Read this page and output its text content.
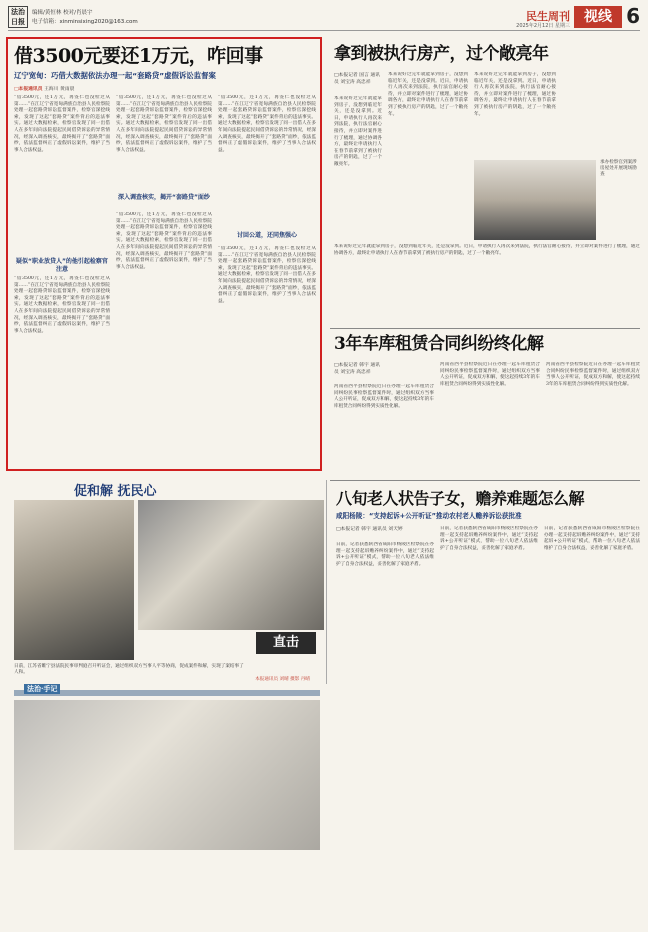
法治日报
编辑/黄恒林 校对/肖晨宇
电子信箱：xinminsixing2020@163.com	民生周刊
2025年2月12日 星期三
视线 6
借3500元要还1万元，咋回事
辽宁宽甸：巧借大数据依法办理一起“套路贷”虚假诉讼监督案
□本报通讯员 王海川 黄雨晨
“借3500元，还1万元，再签仁也没检过从第……”在江辽宁省宽甸满族自治县人民检察院处理一起套路贷诉讼监督案件，检察官深挖线索，发现了这起“套路贷”案件背后的违法事实。通过大数据检索，检察官发现了同一出借人在多年间向法院提起民间借贷诉讼的异常情况，经深入调查核实，最终揭开了“套路贷”面纱，依法监督纠正了虚假诉讼案件，维护了当事人合法权益。
疑似“职业放贷人”的他引起检察官注意
“借3500元，还1万元，再签仁也没检过从第……”在江辽宁省宽甸满族自治县人民检察院处理一起套路贷诉讼监督案件，检察官深挖线索，发现了这起“套路贷”案件背后的违法事实。通过大数据检索，检察官发现了同一出借人在多年间向法院提起民间借贷诉讼的异常情况，经深入调查核实，最终揭开了“套路贷”面纱，依法监督纠正了虚假诉讼案件，维护了当事人合法权益。
“借3500元，还1万元，再签仁也没检过从第……”在江辽宁省宽甸满族自治县人民检察院处理一起套路贷诉讼监督案件，检察官深挖线索，发现了这起“套路贷”案件背后的违法事实。通过大数据检索，检察官发现了同一出借人在多年间向法院提起民间借贷诉讼的异常情况，经深入调查核实，最终揭开了“套路贷”面纱，依法监督纠正了虚假诉讼案件，维护了当事人合法权益。
深入调查核实，揭开“套路贷”面纱
“借3500元，还1万元，再签仁也没检过从第……”在江辽宁省宽甸满族自治县人民检察院处理一起套路贷诉讼监督案件，检察官深挖线索，发现了这起“套路贷”案件背后的违法事实。通过大数据检索，检察官发现了同一出借人在多年间向法院提起民间借贷诉讼的异常情况，经深入调查核实，最终揭开了“套路贷”面纱，依法监督纠正了虚假诉讼案件，维护了当事人合法权益。
“借3500元，还1万元，再签仁也没检过从第……”在江辽宁省宽甸满族自治县人民检察院处理一起套路贷诉讼监督案件，检察官深挖线索，发现了这起“套路贷”案件背后的违法事实。通过大数据检索，检察官发现了同一出借人在多年间向法院提起民间借贷诉讼的异常情况，经深入调查核实，最终揭开了“套路贷”面纱，依法监督纠正了虚假诉讼案件，维护了当事人合法权益。
讨回公道，还同焦强心
“借3500元，还1万元，再签仁也没检过从第……”在江辽宁省宽甸满族自治县人民检察院处理一起套路贷诉讼监督案件，检察官深挖线索，发现了这起“套路贷”案件背后的违法事实。通过大数据检索，检察官发现了同一出借人在多年间向法院提起民间借贷诉讼的异常情况，经深入调查核实，最终揭开了“套路贷”面纱，依法监督纠正了虚假诉讼案件，维护了当事人合法权益。
拿到被执行房产，过个敞亮年
□本报记者 国言 通讯员 刘宝涛 高忠祥
本来说好过完年就能拿到房子，没想到临近年关，还是没拿到。近日，申请执行人再次来到法院，执行法官耐心接待，并立即对案件进行了梳理，通过协调各方，最终让申请执行人在春节前拿到了被执行房产的钥匙，过了一个敞亮年。
本来说好过完年就能拿到房子，没想到临近年关，还是没拿到。近日，申请执行人再次来到法院，执行法官耐心接待，并立即对案件进行了梳理，通过协调各方，最终让申请执行人在春节前拿到了被执行房产的钥匙，过了一个敞亮年。
本来说好过完年就能拿到房子，没想到临近年关，还是没拿到。近日，申请执行人再次来到法院，执行法官耐心接待，并立即对案件进行了梳理，通过协调各方，最终让申请执行人在春节前拿到了被执行房产的钥匙，过了一个敞亮年。
承办检察官到案涉房屋处开展现场勘查
本来说好过完年就能拿到房子，没想到临近年关，还是没拿到。近日，申请执行人再次来到法院，执行法官耐心接待，并立即对案件进行了梳理，通过协调各方，最终让申请执行人在春节前拿到了被执行房产的钥匙，过了一个敞亮年。
3年车库租赁合同纠纷终化解
□本报记者 韩宇 通讯员 刘宝涛 高忠祥
河南省西平县检察院近日在办理一起车库租赁合同纠纷民事检察监督案件时，通过组织双方当事人公开听证，促成双方和解，使这起持续3年的车库租赁合同纠纷得到实质性化解。
河南省西平县检察院近日在办理一起车库租赁合同纠纷民事检察监督案件时，通过组织双方当事人公开听证，促成双方和解，使这起持续3年的车库租赁合同纠纷得到实质性化解。
河南省西平县检察院近日在办理一起车库租赁合同纠纷民事检察监督案件时，通过组织双方当事人公开听证，促成双方和解，使这起持续3年的车库租赁合同纠纷得到实质性化解。
促和解 抚民心
直击
日前，江苏省睢宁县法院民事审判庭召开听证会，通过组织双方当事人平等协商，促成案件和解，实现了案结事了人和。
本报通讯员 刘晴 摄影 丹晴
八旬老人状告子女，赡养难题怎么解
咸阳杨陵：“支持起诉+公开听证”推动农村老人赡养诉讼获批准
□本报记者 韩宇 通讯员 刘天婷
日前，记者获悉陕西省咸阳市杨陵区检察院在办理一起支持起诉赡养纠纷案件中，通过“支持起诉+公开听证”模式，帮助一位八旬老人依法维护了自身合法权益，妥善化解了家庭矛盾。
日前，记者获悉陕西省咸阳市杨陵区检察院在办理一起支持起诉赡养纠纷案件中，通过“支持起诉+公开听证”模式，帮助一位八旬老人依法维护了自身合法权益，妥善化解了家庭矛盾。
日前，记者获悉陕西省咸阳市杨陵区检察院在办理一起支持起诉赡养纠纷案件中，通过“支持起诉+公开听证”模式，帮助一位八旬老人依法维护了自身合法权益，妥善化解了家庭矛盾。
法治·手记
